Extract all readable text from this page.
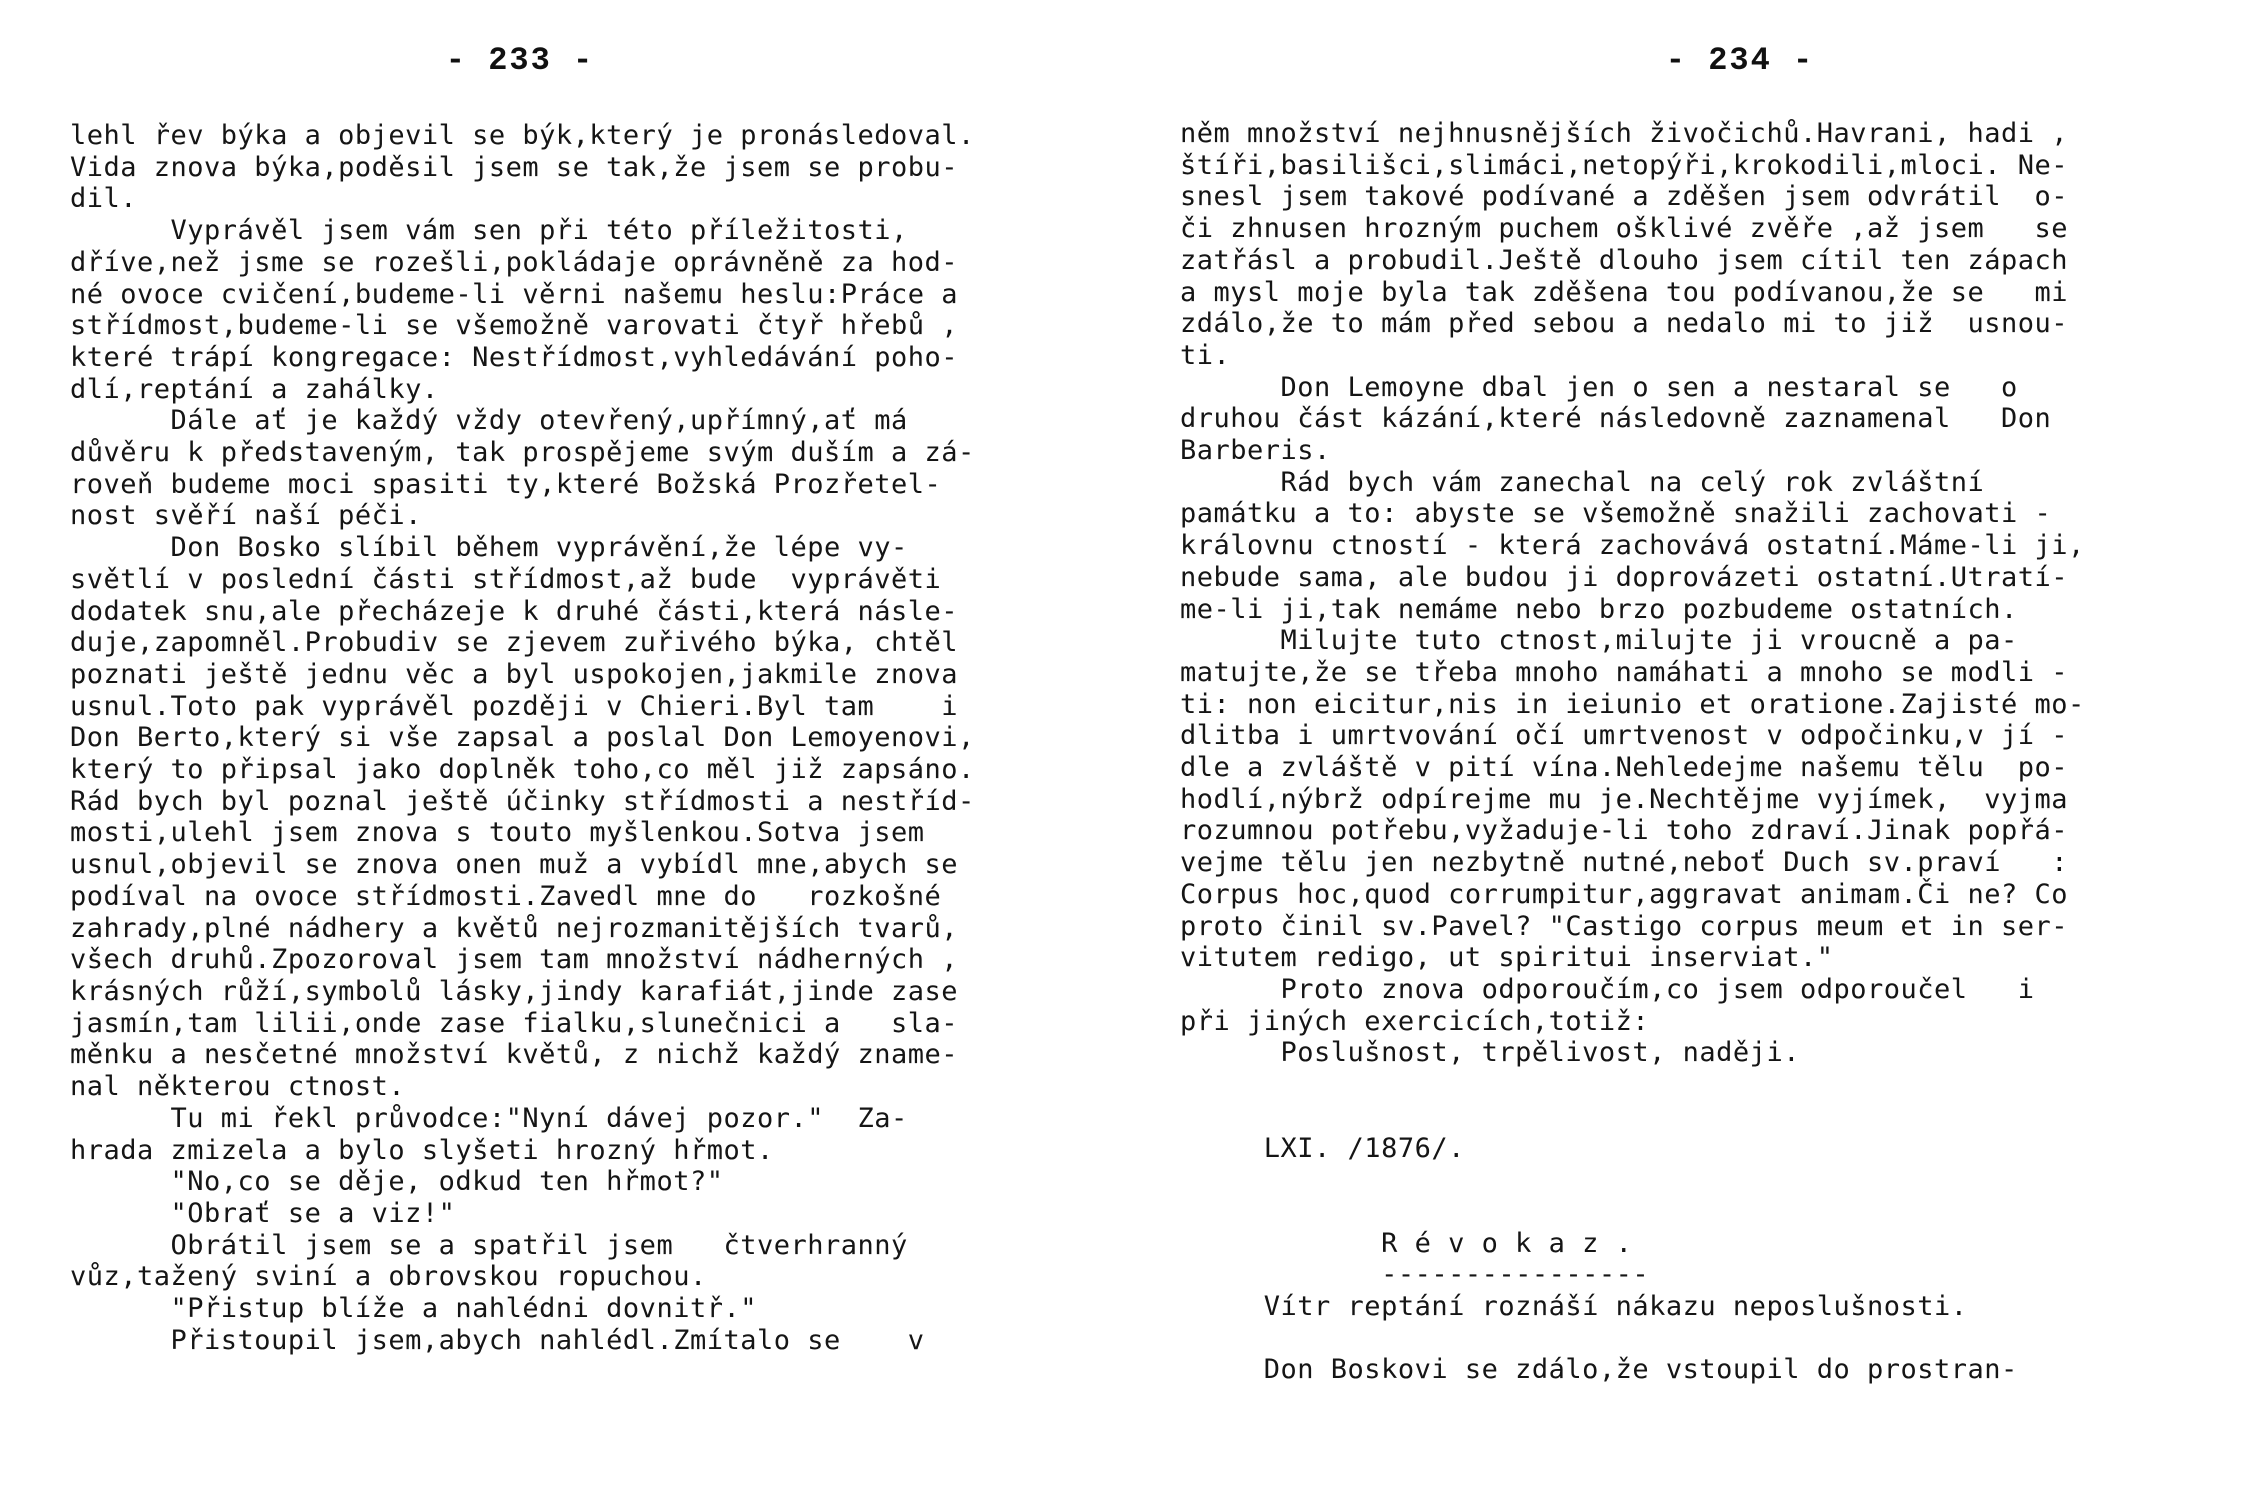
- 233 -
lehl řev býka a objevil se býk,který je pronásledoval.
Vida znova býka,poděsil jsem se tak,že jsem se probu-
dil.
Vyprávěl jsem vám sen při této příležitosti,
dříve,než jsme se rozešli,pokládaje oprávněně za hod-
né ovoce cvičení,budeme-li věrni našemu heslu:Práce a
střídmost,budeme-li se všemožně varovati čtyř hřebů ,
které trápí kongregace: Nestřídmost,vyhledávání poho-
dlí,reptání a zahálky.
Dále ať je každý vždy otevřený,upřímný,ať má
důvěru k představeným, tak prospějeme svým duším a zá-
roveň budeme moci spasiti ty,které Božská Prozřetel-
nost svěří naší péči.
Don Bosko slíbil během vyprávění,že lépe vy-
světlí v poslední části střídmost,až bude  vyprávěti
dodatek snu,ale přecházeje k druhé části,která násle-
duje,zapomněl.Probudiv se zjevem zuřivého býka, chtěl
poznati ještě jednu věc a byl uspokojen,jakmile znova
usnul.Toto pak vyprávěl později v Chieri.Byl tam    i
Don Berto,který si vše zapsal a poslal Don Lemoyenovi,
který to připsal jako doplněk toho,co měl již zapsáno.
Rád bych byl poznal ještě účinky střídmosti a nestříd-
mosti,ulehl jsem znova s touto myšlenkou.Sotva jsem
usnul,objevil se znova onen muž a vybídl mne,abych se
podíval na ovoce střídmosti.Zavedl mne do   rozkošné
zahrady,plné nádhery a květů nejrozmanitějších tvarů,
všech druhů.Zpozoroval jsem tam množství nádherných ,
krásných růží,symbolů lásky,jindy karafiát,jinde zase
jasmín,tam lilii,onde zase fialku,slunečnici a   sla-
měnku a nesčetné množství květů, z nichž každý zname-
nal některou ctnost.
Tu mi řekl průvodce:"Nyní dávej pozor."  Za-
hrada zmizela a bylo slyšeti hrozný hřmot.
"No,co se děje, odkud ten hřmot?"
"Obrať se a viz!"
Obrátil jsem se a spatřil jsem   čtverhranný
vůz,tažený sviní a obrovskou ropuchou.
"Přistup blíže a nahlédni dovnitř."
Přistoupil jsem,abych nahlédl.Zmítalo se    v
- 234 -
něm množství nejhnusnějších živočichů.Havrani, hadi ,
štíři,basilišci,slimáci,netopýři,krokodili,mloci. Ne-
snesl jsem takové podívané a zděšen jsem odvrátil  o-
či zhnusen hrozným puchem ošklivé zvěře ,až jsem   se
zatřásl a probudil.Ještě dlouho jsem cítil ten zápach
a mysl moje byla tak zděšena tou podívanou,že se   mi
zdálo,že to mám před sebou a nedalo mi to již  usnou-
ti.
Don Lemoyne dbal jen o sen a nestaral se   o
druhou část kázání,které následovně zaznamenal   Don
Barberis.
Rád bych vám zanechal na celý rok zvláštní
památku a to: abyste se všemožně snažili zachovati -
královnu ctností - která zachovává ostatní.Máme-li ji,
nebude sama, ale budou ji doprovázeti ostatní.Utratí-
me-li ji,tak nemáme nebo brzo pozbudeme ostatních.
Milujte tuto ctnost,milujte ji vroucně a pa-
matujte,že se třeba mnoho namáhati a mnoho se modli -
ti: non eicitur,nis in ieiunio et oratione.Zajisté mo-
dlitba i umrtvování očí umrtvenost v odpočinku,v jí -
dle a zvláště v pití vína.Nehledejme našemu tělu  po-
hodlí,nýbrž odpírejme mu je.Nechtějme vyjímek,  vyjma
rozumnou potřebu,vyžaduje-li toho zdraví.Jinak popřá-
vejme tělu jen nezbytně nutné,neboť Duch sv.praví   :
Corpus hoc,quod corrumpitur,aggravat animam.Či ne? Co
proto činil sv.Pavel? "Castigo corpus meum et in ser-
vitutem redigo, ut spiritui inserviat."
Proto znova odporoučím,co jsem odporoučel   i
při jiných exercicích,totiž:
Poslušnost, trpělivost, naději.

LXI. /1876/.

R é v o k a z .
----------------
Vítr reptání roznáší nákazu neposlušnosti.

Don Boskovi se zdálo,že vstoupil do prostran-
